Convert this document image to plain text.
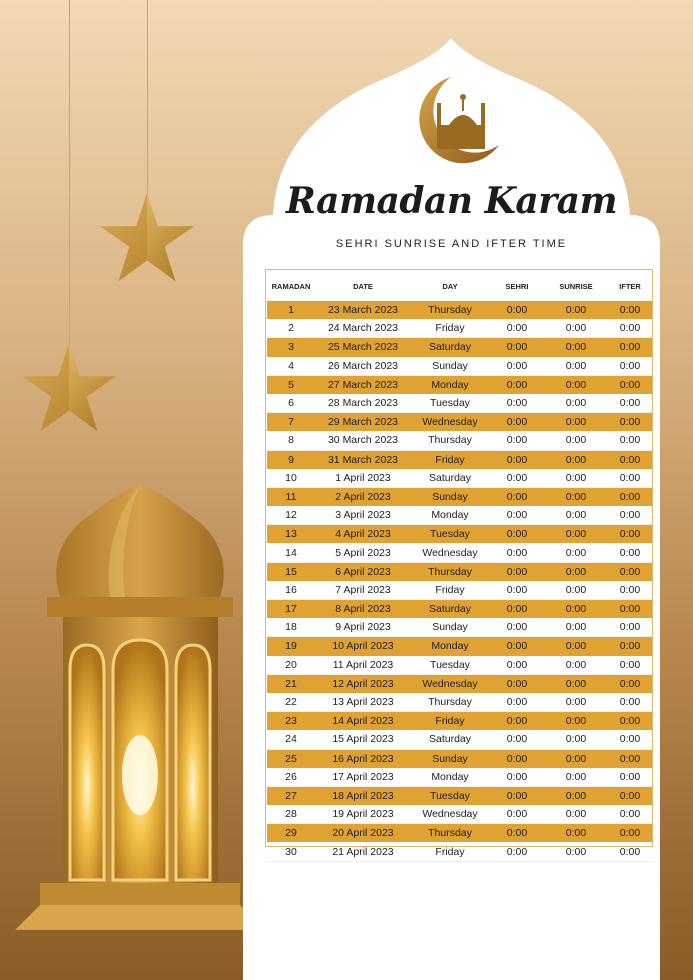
Ramadan Karam
SEHRI SUNRISE AND IFTER TIME
RAMADAN	DATE	DAY	SEHRI	SUNRISE	IFTER
1	23 March 2023	Thursday	0:00	0:00	0:00
2	24 March 2023	Friday	0:00	0:00	0:00
3	25 March 2023	Saturday	0:00	0:00	0:00
4	26 March 2023	Sunday	0:00	0:00	0:00
5	27 March 2023	Monday	0:00	0:00	0:00
6	28 March 2023	Tuesday	0:00	0:00	0:00
7	29 March 2023	Wednesday	0:00	0:00	0:00
8	30 March 2023	Thursday	0:00	0:00	0:00
9	31 March 2023	Friday	0:00	0:00	0:00
10	1 April 2023	Saturday	0:00	0:00	0:00
11	2 April 2023	Sunday	0:00	0:00	0:00
12	3 April 2023	Monday	0:00	0:00	0:00
13	4 April 2023	Tuesday	0:00	0:00	0:00
14	5 April 2023	Wednesday	0:00	0:00	0:00
15	6 April 2023	Thursday	0:00	0:00	0:00
16	7 April 2023	Friday	0:00	0:00	0:00
17	8 April 2023	Saturday	0:00	0:00	0:00
18	9 April 2023	Sunday	0:00	0:00	0:00
19	10 April 2023	Monday	0:00	0:00	0:00
20	11 April 2023	Tuesday	0:00	0:00	0:00
21	12 April 2023	Wednesday	0:00	0:00	0:00
22	13 April 2023	Thursday	0:00	0:00	0:00
23	14 April 2023	Friday	0:00	0:00	0:00
24	15 April 2023	Saturday	0:00	0:00	0:00
25	16 April 2023	Sunday	0:00	0:00	0:00
26	17 April 2023	Monday	0:00	0:00	0:00
27	18 April 2023	Tuesday	0:00	0:00	0:00
28	19 April 2023	Wednesday	0:00	0:00	0:00
29	20 April 2023	Thursday	0:00	0:00	0:00
30	21 April 2023	Friday	0:00	0:00	0:00
